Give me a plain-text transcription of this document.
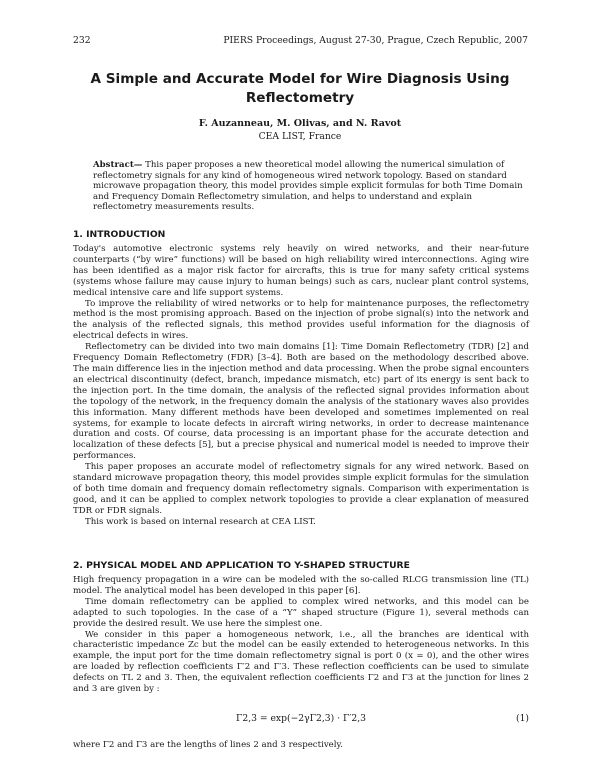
232	PIERS Proceedings, August 27-30, Prague, Czech Republic, 2007
A Simple and Accurate Model for Wire Diagnosis Using Reflectometry
F. Auzanneau, M. Olivas, and N. Ravot
CEA LIST, France
Abstract— This paper proposes a new theoretical model allowing the numerical simulation of reflectometry signals for any kind of homogeneous wired network topology. Based on standard microwave propagation theory, this model provides simple explicit formulas for both Time Domain and Frequency Domain Reflectometry simulation, and helps to understand and explain reflectometry measurements results.
1. INTRODUCTION

Today's automotive electronic systems rely heavily on wired networks, and their near-future counterparts (“by wire” functions) will be based on high reliability wired interconnections. Aging wire has been identified as a major risk factor for aircrafts, this is true for many safety critical systems (systems whose failure may cause injury to human beings) such as cars, nuclear plant control systems, medical intensive care and life support systems.

To improve the reliability of wired networks or to help for maintenance purposes, the reflectometry method is the most promising approach. Based on the injection of probe signal(s) into the network and the analysis of the reflected signals, this method provides useful information for the diagnosis of electrical defects in wires.

Reflectometry can be divided into two main domains [1]: Time Domain Reflectometry (TDR) [2] and Frequency Domain Reflectometry (FDR) [3–4]. Both are based on the methodology described above. The main difference lies in the injection method and data processing. When the probe signal encounters an electrical discontinuity (defect, branch, impedance mismatch, etc) part of its energy is sent back to the injection port. In the time domain, the analysis of the reflected signal provides information about the topology of the network, in the frequency domain the analysis of the stationary waves also provides this information. Many different methods have been developed and sometimes implemented on real systems, for example to locate defects in aircraft wiring networks, in order to decrease maintenance duration and costs. Of course, data processing is an important phase for the accurate detection and localization of these defects [5], but a precise physical and numerical model is needed to improve their performances.

This paper proposes an accurate model of reflectometry signals for any wired network. Based on standard microwave propagation theory, this model provides simple explicit formulas for the simulation of both time domain and frequency domain reflectometry signals. Comparison with experimentation is good, and it can be applied to complex network topologies to provide a clear explanation of measured TDR or FDR signals.

This work is based on internal research at CEA LIST.

2. PHYSICAL MODEL AND APPLICATION TO Y-SHAPED STRUCTURE

High frequency propagation in a wire can be modeled with the so-called RLCG transmission line (TL) model. The analytical model has been developed in this paper [6].

Time domain reflectometry can be applied to complex wired networks, and this model can be adapted to such topologies. In the case of a “Y” shaped structure (Figure 1), several methods can provide the desired result. We use here the simplest one.

We consider in this paper a homogeneous network, i.e., all the branches are identical with characteristic impedance Zc but the model can be easily extended to heterogeneous networks. In this example, the input port for the time domain reflectometry signal is port 0 (x = 0), and the other wires are loaded by reflection coefficients Γ′2 and Γ′3. These reflection coefficients can be used to simulate defects on TL 2 and 3. Then, the equivalent reflection coefficients Γ2 and Γ3 at the junction for lines 2 and 3 are given by :

Γ2,3 = exp(−2γΓ2,3) · Γ′2,3	(1)
where Γ2 and Γ3 are the lengths of lines 2 and 3 respectively.
